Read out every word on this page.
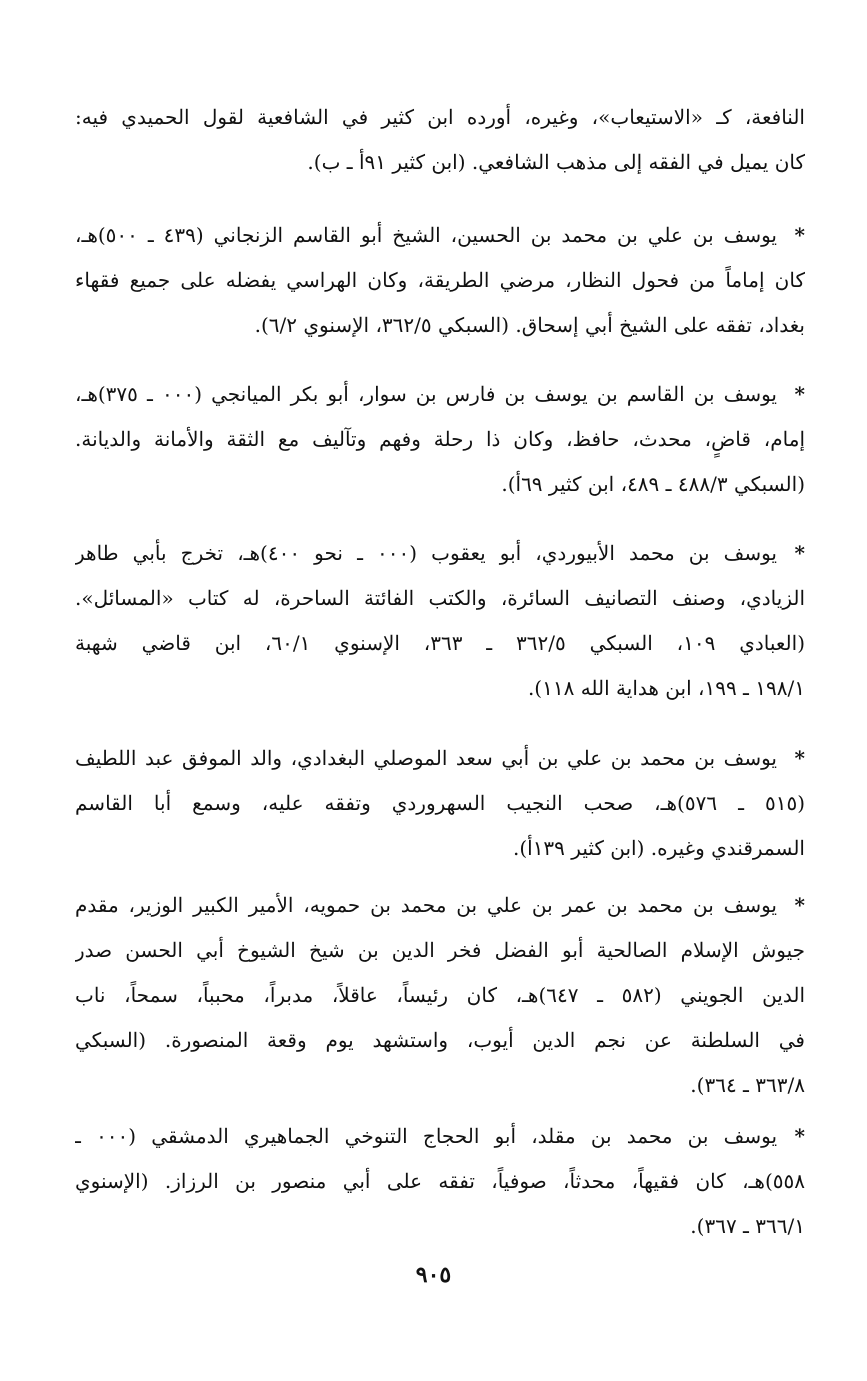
النافعة، كـ «الاستيعاب»، وغيره، أورده ابن كثير في الشافعية لقول الحميدي فيه:
كان يميل في الفقه إلى مذهب الشافعي. (ابن كثير ٩١أ ـ ب).
*
يوسف بن علي بن محمد بن الحسين، الشيخ أبو القاسم الزنجاني (٤٣٩ ـ ٥٠٠)هـ،
كان إماماً من فحول النظار، مرضي الطريقة، وكان الهراسي يفضله على جميع فقهاء
بغداد، تفقه على الشيخ أبي إسحاق. (السبكي ٣٦٢/٥، الإسنوي ٦/٢).
*
يوسف بن القاسم بن يوسف بن فارس بن سوار، أبو بكر الميانجي (٠٠٠ ـ ٣٧٥)هـ،
إمام، قاضٍ، محدث، حافظ، وكان ذا رحلة وفهم وتآليف مع الثقة والأمانة والديانة.
(السبكي ٤٨٨/٣ ـ ٤٨٩، ابن كثير ٦٩أ).
*
يوسف بن محمد الأبيوردي، أبو يعقوب (٠٠٠ ـ نحو ٤٠٠)هـ، تخرج بأبي طاهر
الزيادي، وصنف التصانيف السائرة، والكتب الفائتة الساحرة، له كتاب «المسائل».
(العبادي ١٠٩، السبكي ٣٦٢/٥ ـ ٣٦٣، الإسنوي ٦٠/١، ابن قاضي شهبة
١٩٨/١ ـ ١٩٩، ابن هداية الله ١١٨).
*
يوسف بن محمد بن علي بن أبي سعد الموصلي البغدادي، والد الموفق عبد اللطيف
(٥١٥ ـ ٥٧٦)هـ، صحب النجيب السهروردي وتفقه عليه، وسمع أبا القاسم
السمرقندي وغيره. (ابن كثير ١٣٩أ).
*
يوسف بن محمد بن عمر بن علي بن محمد بن حمويه، الأمير الكبير الوزير، مقدم
جيوش الإسلام الصالحية أبو الفضل فخر الدين بن شيخ الشيوخ أبي الحسن صدر
الدين الجويني (٥٨٢ ـ ٦٤٧)هـ، كان رئيساً، عاقلاً، مدبراً، محبباً، سمحاً، ناب
في السلطنة عن نجم الدين أيوب، واستشهد يوم وقعة المنصورة. (السبكي
٣٦٣/٨ ـ ٣٦٤).
*
يوسف بن محمد بن مقلد، أبو الحجاج التنوخي الجماهيري الدمشقي (٠٠٠ ـ
٥٥٨)هـ، كان فقيهاً، محدثاً، صوفياً، تفقه على أبي منصور بن الرزاز. (الإسنوي
٣٦٦/١ ـ ٣٦٧).
٩٠٥
